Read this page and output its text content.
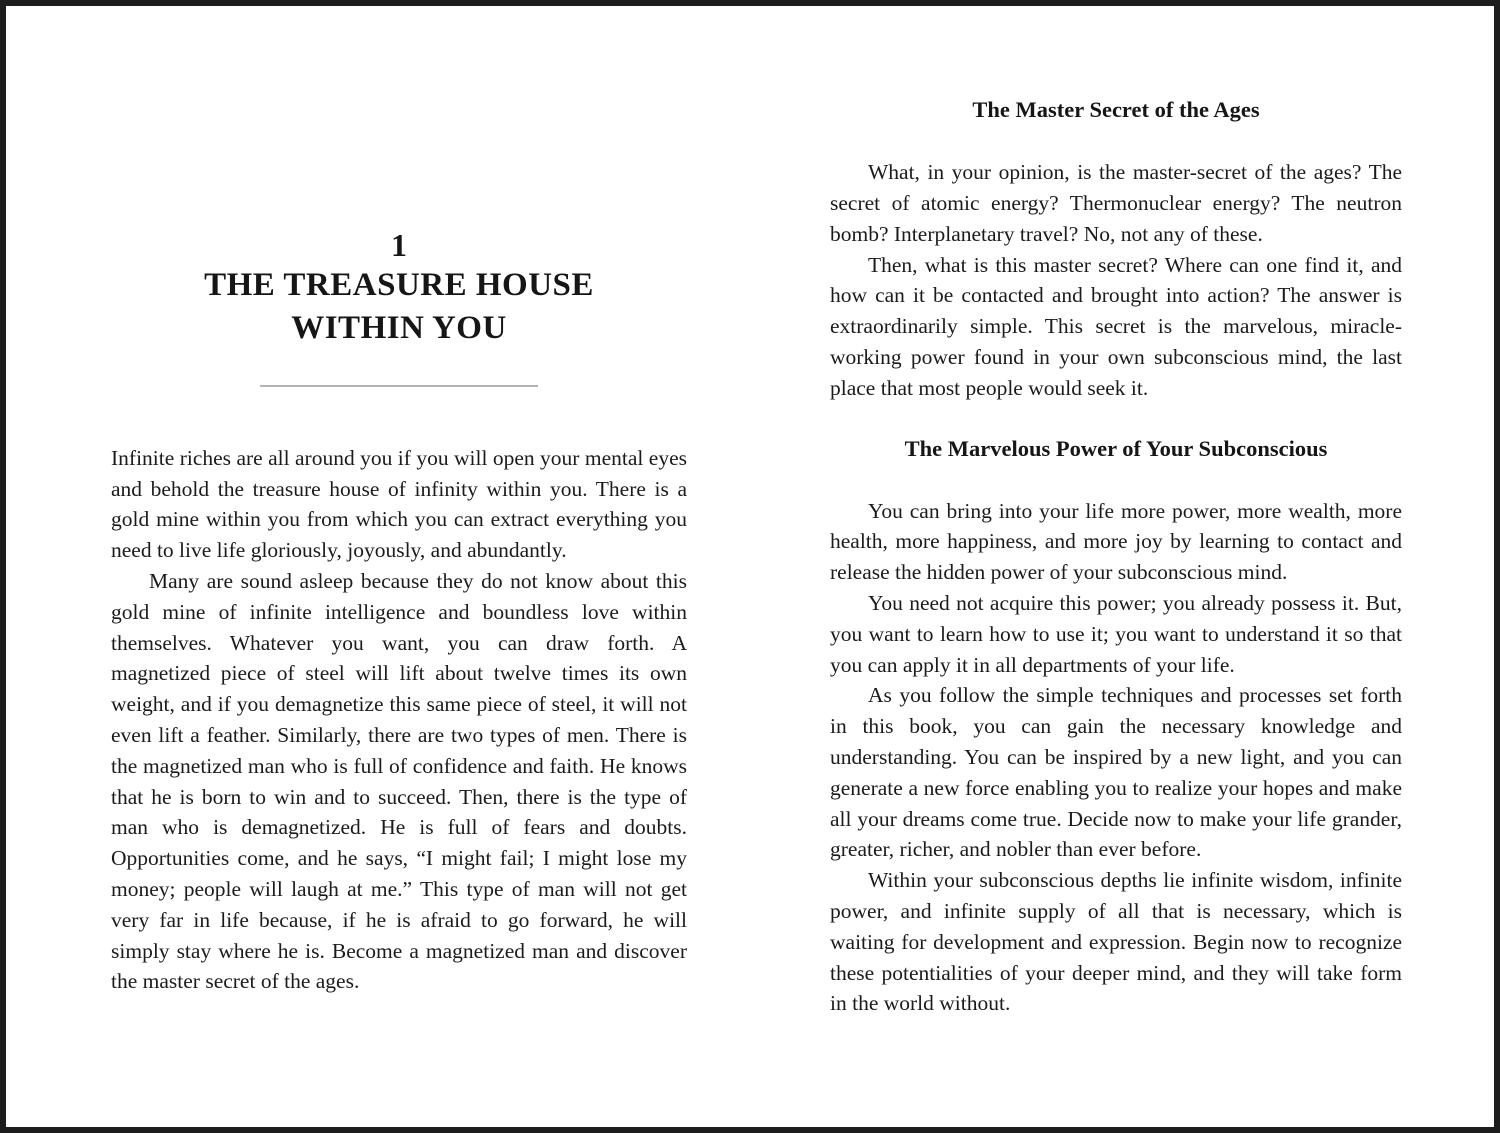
1
THE TREASURE HOUSE
WITHIN YOU

Infinite riches are all around you if you will open your mental eyes and behold the treasure house of infinity within you. There is a gold mine within you from which you can extract everything you need to live life gloriously, joyously, and abundantly.

Many are sound asleep because they do not know about this gold mine of infinite intelligence and boundless love within themselves. Whatever you want, you can draw forth. A magnetized piece of steel will lift about twelve times its own weight, and if you demagnetize this same piece of steel, it will not even lift a feather. Similarly, there are two types of men. There is the magnetized man who is full of confidence and faith. He knows that he is born to win and to succeed. Then, there is the type of man who is demagnetized. He is full of fears and doubts. Opportunities come, and he says, “I might fail; I might lose my money; people will laugh at me.” This type of man will not get very far in life because, if he is afraid to go forward, he will simply stay where he is. Become a magnetized man and discover the master secret of the ages.

The Master Secret of the Ages

What, in your opinion, is the master-secret of the ages? The secret of atomic energy? Thermonuclear energy? The neutron bomb? Interplanetary travel? No, not any of these.

Then, what is this master secret? Where can one find it, and how can it be contacted and brought into action? The answer is extraordinarily simple. This secret is the marvelous, miracle-working power found in your own subconscious mind, the last place that most people would seek it.

The Marvelous Power of Your Subconscious

You can bring into your life more power, more wealth, more health, more happiness, and more joy by learning to contact and release the hidden power of your subconscious mind.

You need not acquire this power; you already possess it. But, you want to learn how to use it; you want to understand it so that you can apply it in all departments of your life.

As you follow the simple techniques and processes set forth in this book, you can gain the necessary knowledge and understanding. You can be inspired by a new light, and you can generate a new force enabling you to realize your hopes and make all your dreams come true. Decide now to make your life grander, greater, richer, and nobler than ever before.

Within your subconscious depths lie infinite wisdom, infinite power, and infinite supply of all that is necessary, which is waiting for development and expression. Begin now to recognize these potentialities of your deeper mind, and they will take form in the world without.
